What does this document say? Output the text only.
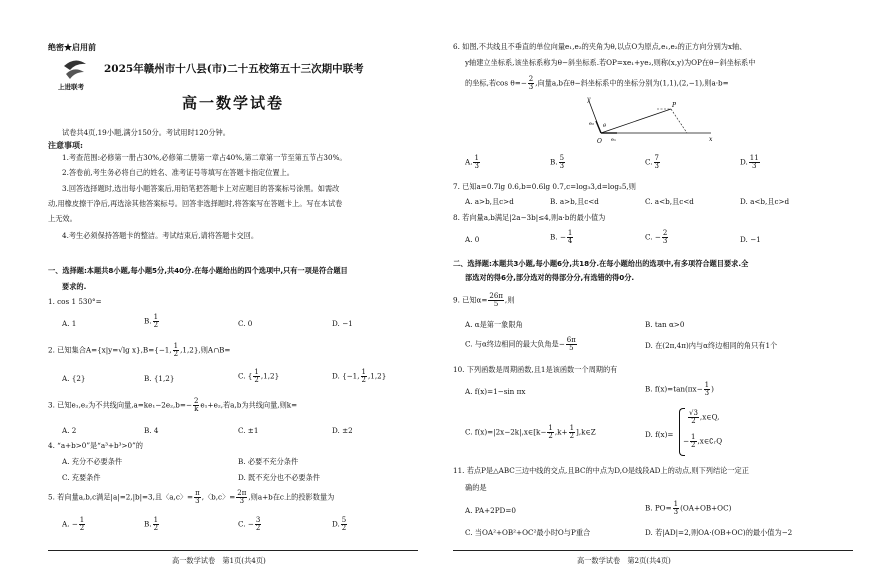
绝密★启用前
上进联考
2025年赣州市十八县(市)二十五校第五十三次期中联考
高一数学试卷
试卷共4页,19小题,满分150分。考试用时120分钟。
注意事项:
1.考查范围:必修第一册占30%,必修第二册第一章占40%,第二章第一节至第五节占30%。
2.答卷前,考生务必将自己的姓名、准考证号等填写在答题卡指定位置上。
3.回答选择题时,选出每小题答案后,用铅笔把答题卡上对应题目的答案标号涂黑。如需改
动,用橡皮擦干净后,再选涂其他答案标号。回答非选择题时,将答案写在答题卡上。写在本试卷
上无效。
4.考生必须保持答题卡的整洁。考试结束后,请将答题卡交回。
一、选择题:本题共8小题,每小题5分,共40分.在每小题给出的四个选项中,只有一项是符合题目
要求的.
1. cos 1 530°=
A. 1	B. $\frac{1}{2}$	C. 0	D. −1
2. 已知集合A={x|y=√lg x},B={−1, $\frac{1}{2} ,1,2$},则A∩B=
A. {2}	B. {1,2}	C. { $\frac{1}{2} ,1,2$}	D. {−1, $\frac{1}{2} ,1,2$}
3. 已知e₁,e₂为不共线向量$,a=ke_1-2e_2,b=- \frac{2}{k} e_1+e_2$,若a,b为共线向量,则k=
A. 2	B. 4	C. ±1	D. ±2
4. “a+b>0”是“a³+b³>0”的
A. 充分不必要条件	B. 必要不充分条件
C. 充要条件	D. 既不充分也不必要条件
5. 若向量a,b,c满足|a|=2,|b|=3,且〈a,c〉= $\frac{\pi}{3}$ ,〈b,c〉= $\frac{2\pi}{3}$ ,则a+b在c上的投影数量为
A. − $\frac{1}{2}$	B. $\frac{1}{2}$	C. − $\frac{3}{2}$	D. $\frac{5}{2}$
高一数学试卷　第1页(共4页)
6. 如图,不共线且不垂直的单位向量e₁,e₂的夹角为θ,以点O为原点,e₁,e₂的正方向分别为x轴、
y轴建立坐标系,该坐标系称为θ−斜坐标系.若OP=xe₁+ye₂,则称(x,y)为OP在θ−斜坐标系中
的坐标,若$\cos \theta=- \frac{2}{3}$ ,向量a,b在θ−斜坐标系中的坐标分别为(1,1),(2,−1),则a·b=
O	x
y
P
e₁
e₂ θ
A. $\frac{1}{3}$	B. $\frac{5}{3}$	C. $\frac{7}{3}$	D. $\frac{11}{3}$
7. 已知a=0.7lg 0.6,b=0.6lg 0.7,c=log₃3,d=log₂5,则
A. a>b,且c>d	B. a>b,且c<d	C. a<b,且c<d	D. a<b,且c>d
8. 若向量a,b满足|2a−3b|≤4,则a·b的最小值为
A. 0	B. − $\frac{1}{4}$	C. − $\frac{2}{3}$	D. −1
二、选择题:本题共3小题,每小题6分,共18分.在每小题给出的选项中,有多项符合题目要求.全
部选对的得6分,部分选对的得部分分,有选错的得0分.
9. 已知$\alpha= \frac{26\pi}{5}$ ,则
A. α是第一象限角	B. tan α>0
C. 与α终边相同的最大负角是− $\frac{6\pi}{5}$	D. 在(2π,4π)内与α终边相同的角只有1个
10. 下列函数是周期函数,且1是该函数一个周期的有
A. f(x)=1−sin πx	B. $f(x)=\tan(\pi x- \frac{1}{3}$ )
C. f(x)=|2x−2k|,x∈[k− $\frac{1}{2} ,k+ \frac{1}{2}$ ],k∈Z	D. f(x)=
$\frac{√3}{2}$ ,x∈Q,
− $\frac{1}{2}$ ,x∈∁ᵣQ
11. 若点P是△ABC三边中线的交点,且BC的中点为D,O是线段AD上的动点,则下列结论一定正
确的是
A. PA+2PD=0	B. $PO= \frac{1}{3} (OA+OB+OC)$
C. 当OA²+OB²+OC²最小时O与P重合	D. 若|AD|=2,则OA·(OB+OC)的最小值为−2
高一数学试卷　第2页(共4页)
